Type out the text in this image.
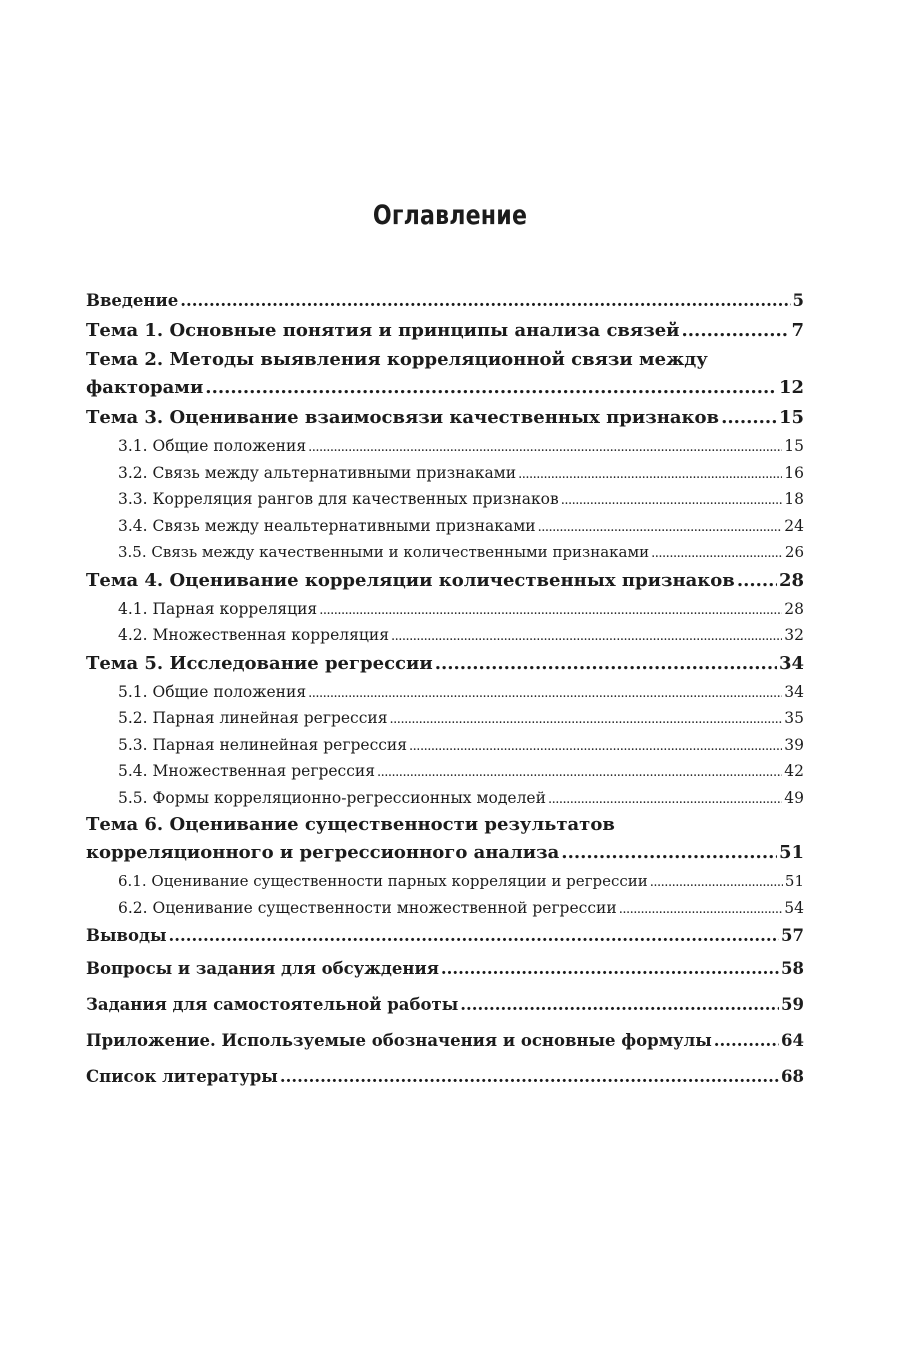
Оглавление
Введение .....	5
Тема 1. Основные понятия и принципы анализа связей .....	7
Тема 2. Методы выявления корреляционной связи между
факторами .....	12
Тема 3. Оценивание взаимосвязи качественных признаков .....	15
3.1. Общие положения .....	15
3.2. Связь между альтернативными признаками .....	16
3.3. Корреляция рангов для качественных признаков .....	18
3.4. Связь между неальтернативными признаками .....	24
3.5. Связь между качественными и количественными признаками .....	26
Тема 4. Оценивание корреляции количественных признаков ..... 28
4.1. Парная корреляция .....	28
4.2. Множественная корреляция .....	32
Тема 5. Исследование регрессии .....	34
5.1. Общие положения .....	34
5.2. Парная линейная регрессия .....	35
5.3. Парная нелинейная регрессия .....	39
5.4. Множественная регрессия .....	42
5.5. Формы корреляционно-регрессионных моделей .....	49
Тема 6. Оценивание существенности результатов
корреляционного и регрессионного анализа .....	51
6.1. Оценивание существенности парных корреляции и регрессии .....	51
6.2. Оценивание существенности множественной регрессии .....	54
Выводы .....	57
Вопросы и задания для обсуждения .....	58
Задания для самостоятельной работы .....	59
Приложение. Используемые обозначения и основные формулы .....	64
Список литературы .....	68
